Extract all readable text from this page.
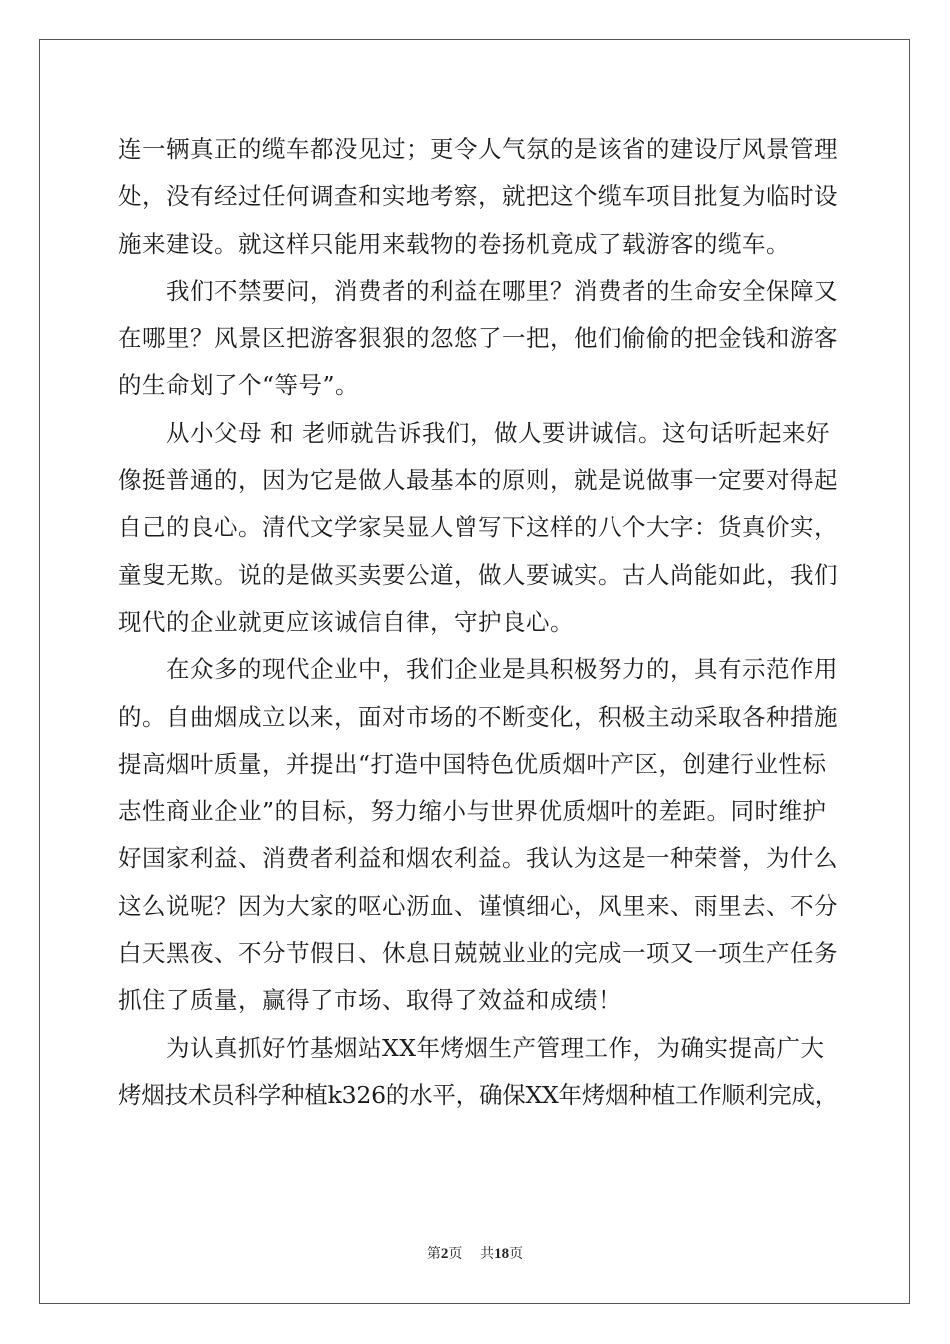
连一辆真正的缆车都没见过；更令人气氛的是该省的建设厅风景管理
处，没有经过任何调查和实地考察，就把这个缆车项目批复为临时设
施来建设。就这样只能用来载物的卷扬机竟成了载游客的缆车。
我们不禁要问，消费者的利益在哪里？消费者的生命安全保障又
在哪里？风景区把游客狠狠的忽悠了一把，他们偷偷的把金钱和游客
的生命划了个“等号”。
从小父母 和 老师就告诉我们，做人要讲诚信。这句话听起来好
像挺普通的，因为它是做人最基本的原则，就是说做事一定要对得起
自己的良心。清代文学家吴显人曾写下这样的八个大字：货真价实，
童叟无欺。说的是做买卖要公道，做人要诚实。古人尚能如此，我们
现代的企业就更应该诚信自律，守护良心。
在众多的现代企业中，我们企业是具积极努力的，具有示范作用
的。自曲烟成立以来，面对市场的不断变化，积极主动采取各种措施
提高烟叶质量，并提出“打造中国特色优质烟叶产区，创建行业性标
志性商业企业”的目标，努力缩小与世界优质烟叶的差距。同时维护
好国家利益、消费者利益和烟农利益。我认为这是一种荣誉，为什么
这么说呢？因为大家的呕心沥血、谨慎细心，风里来、雨里去、不分
白天黑夜、不分节假日、休息日兢兢业业的完成一项又一项生产任务
抓住了质量，赢得了市场、取得了效益和成绩！
为认真抓好竹基烟站XX年烤烟生产管理工作，为确实提高广大
烤烟技术员科学种植k326的水平，确保XX年烤烟种植工作顺利完成，
第2页 共18页
